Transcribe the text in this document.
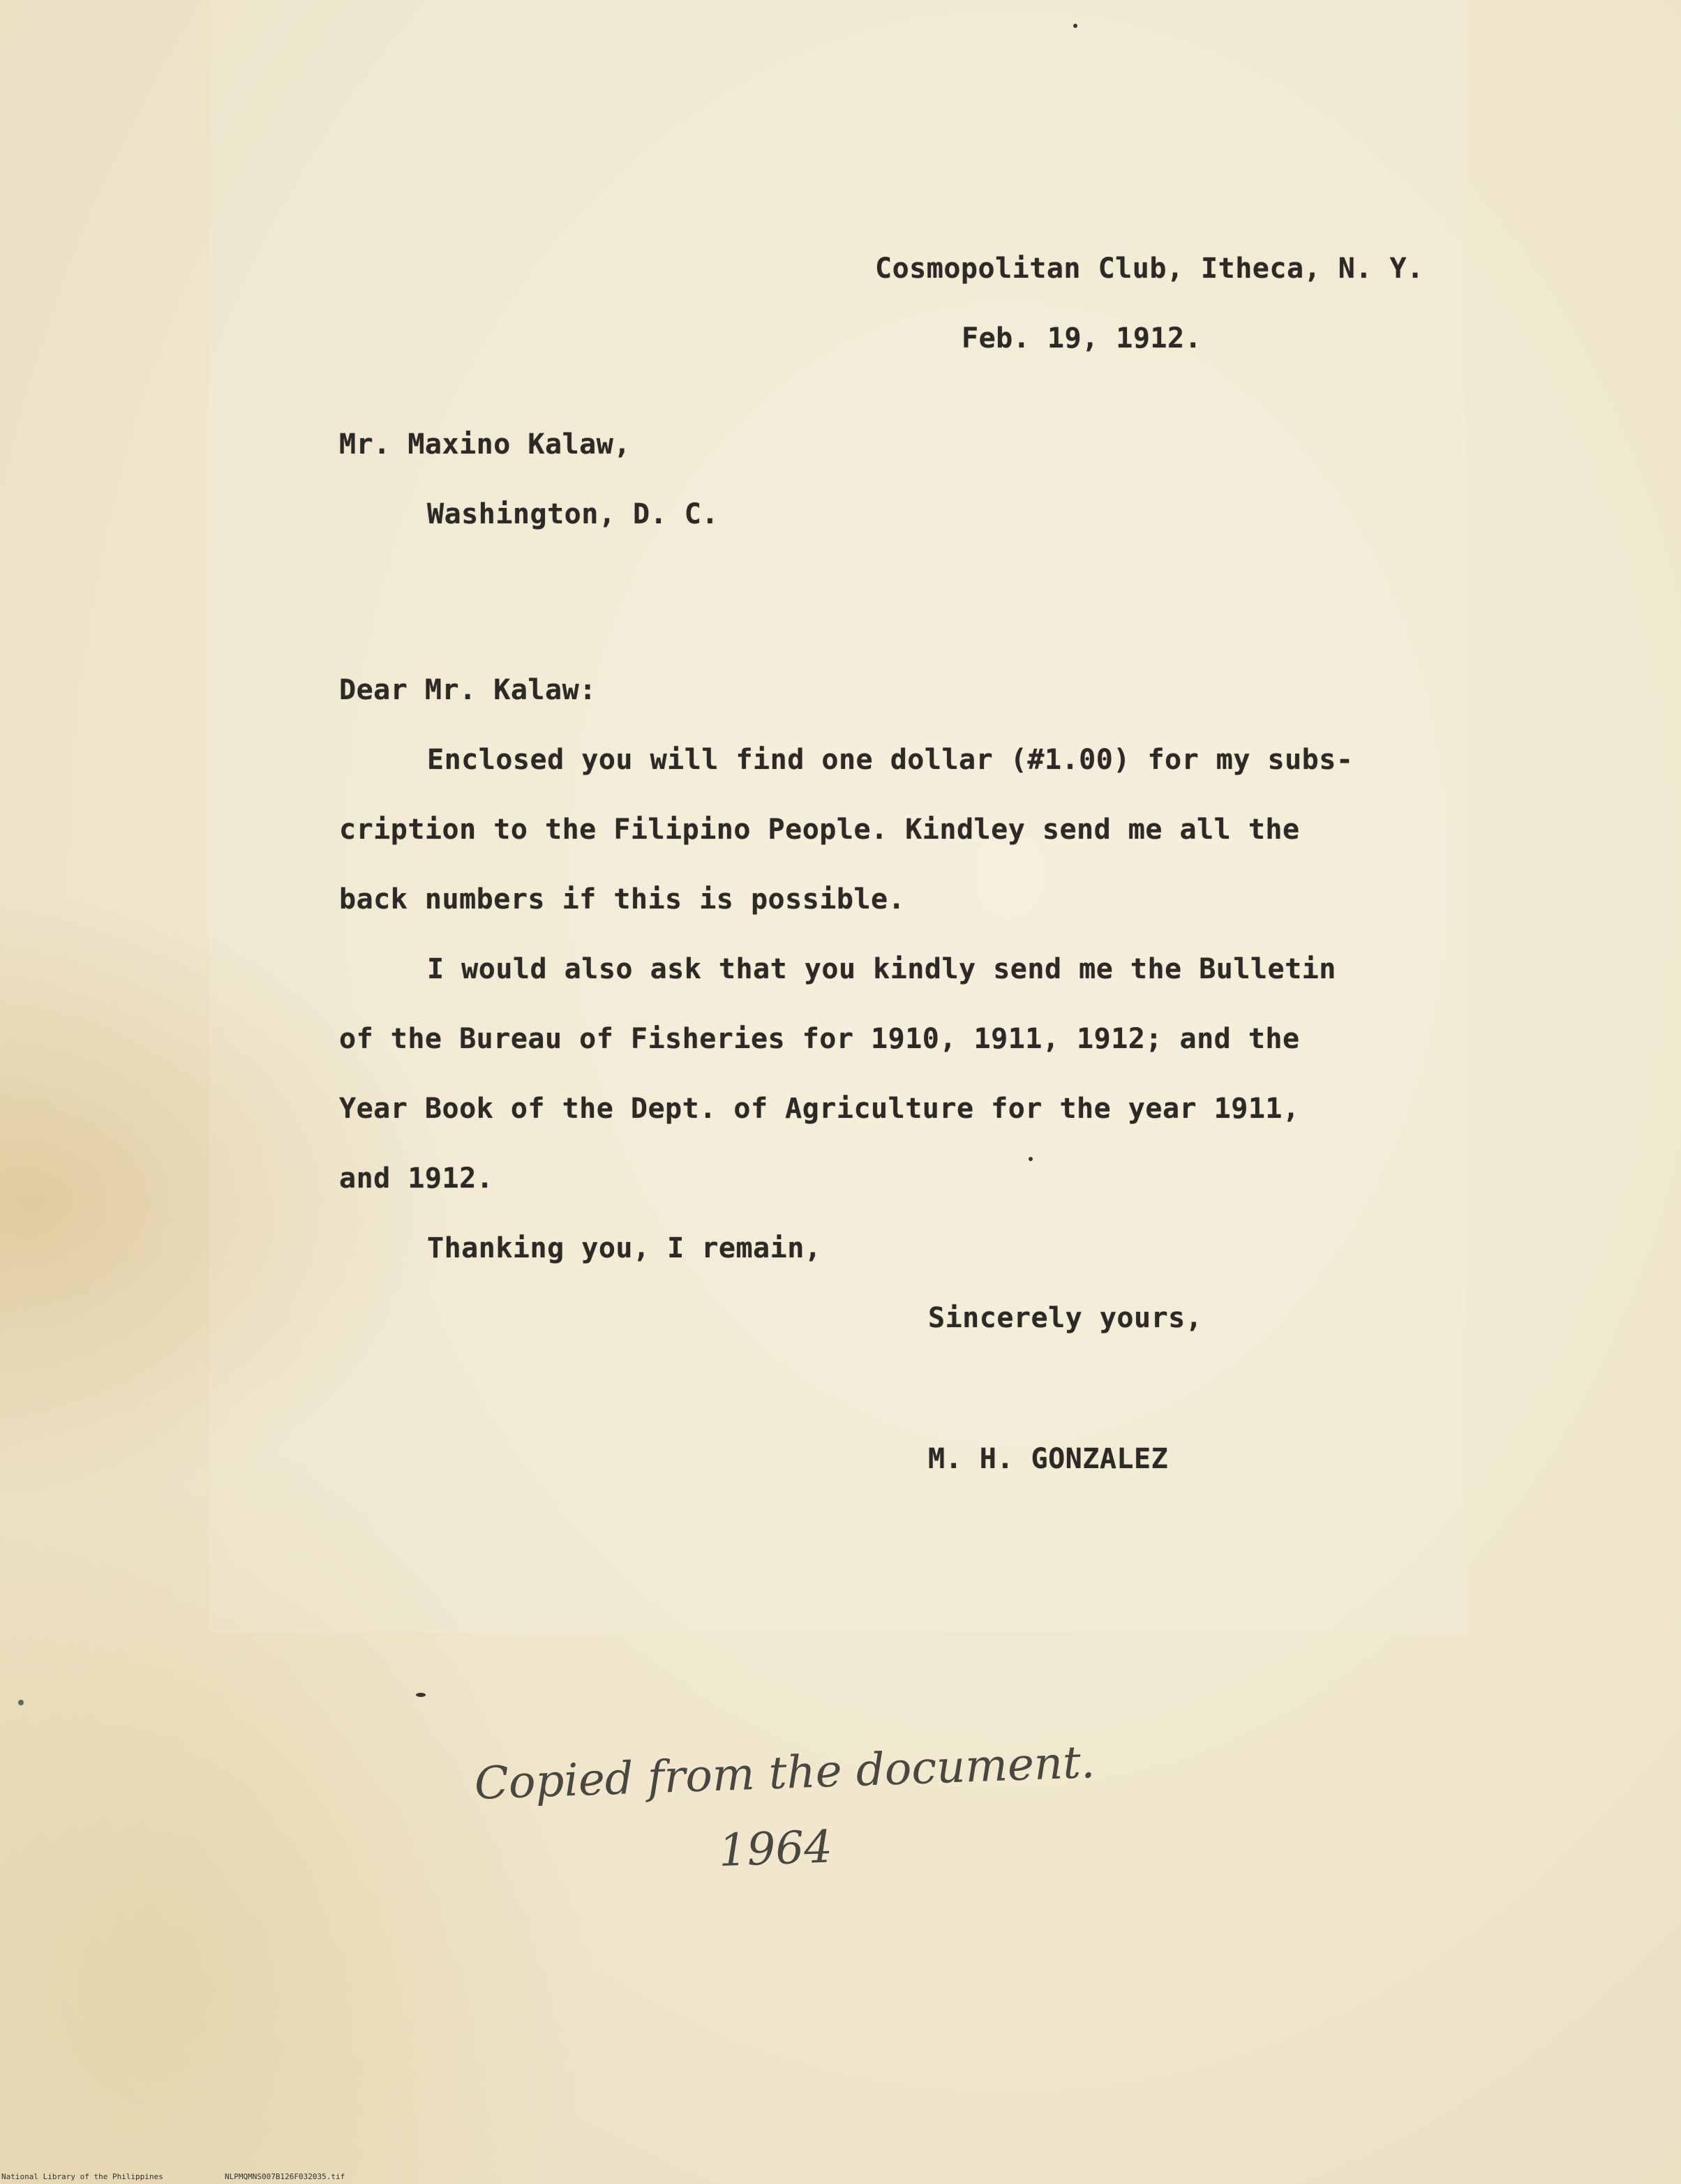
Cosmopolitan Club, Itheca, N. Y.
Feb. 19, 1912.
Mr. Maxino Kalaw,
Washington, D. C.
Dear Mr. Kalaw:
Enclosed you will find one dollar (#1.00) for my subs-
cription to the Filipino People. Kindley send me all the
back numbers if this is possible.
I would also ask that you kindly send me the Bulletin
of the Bureau of Fisheries for 1910, 1911, 1912; and the
Year Book of the Dept. of Agriculture for the year 1911,
and 1912.
Thanking you, I remain,
Sincerely yours,
M. H. GONZALEZ
Copied from the document.
1964
National Library of the Philippines	NLPMQMNS007B126F032035.tif
